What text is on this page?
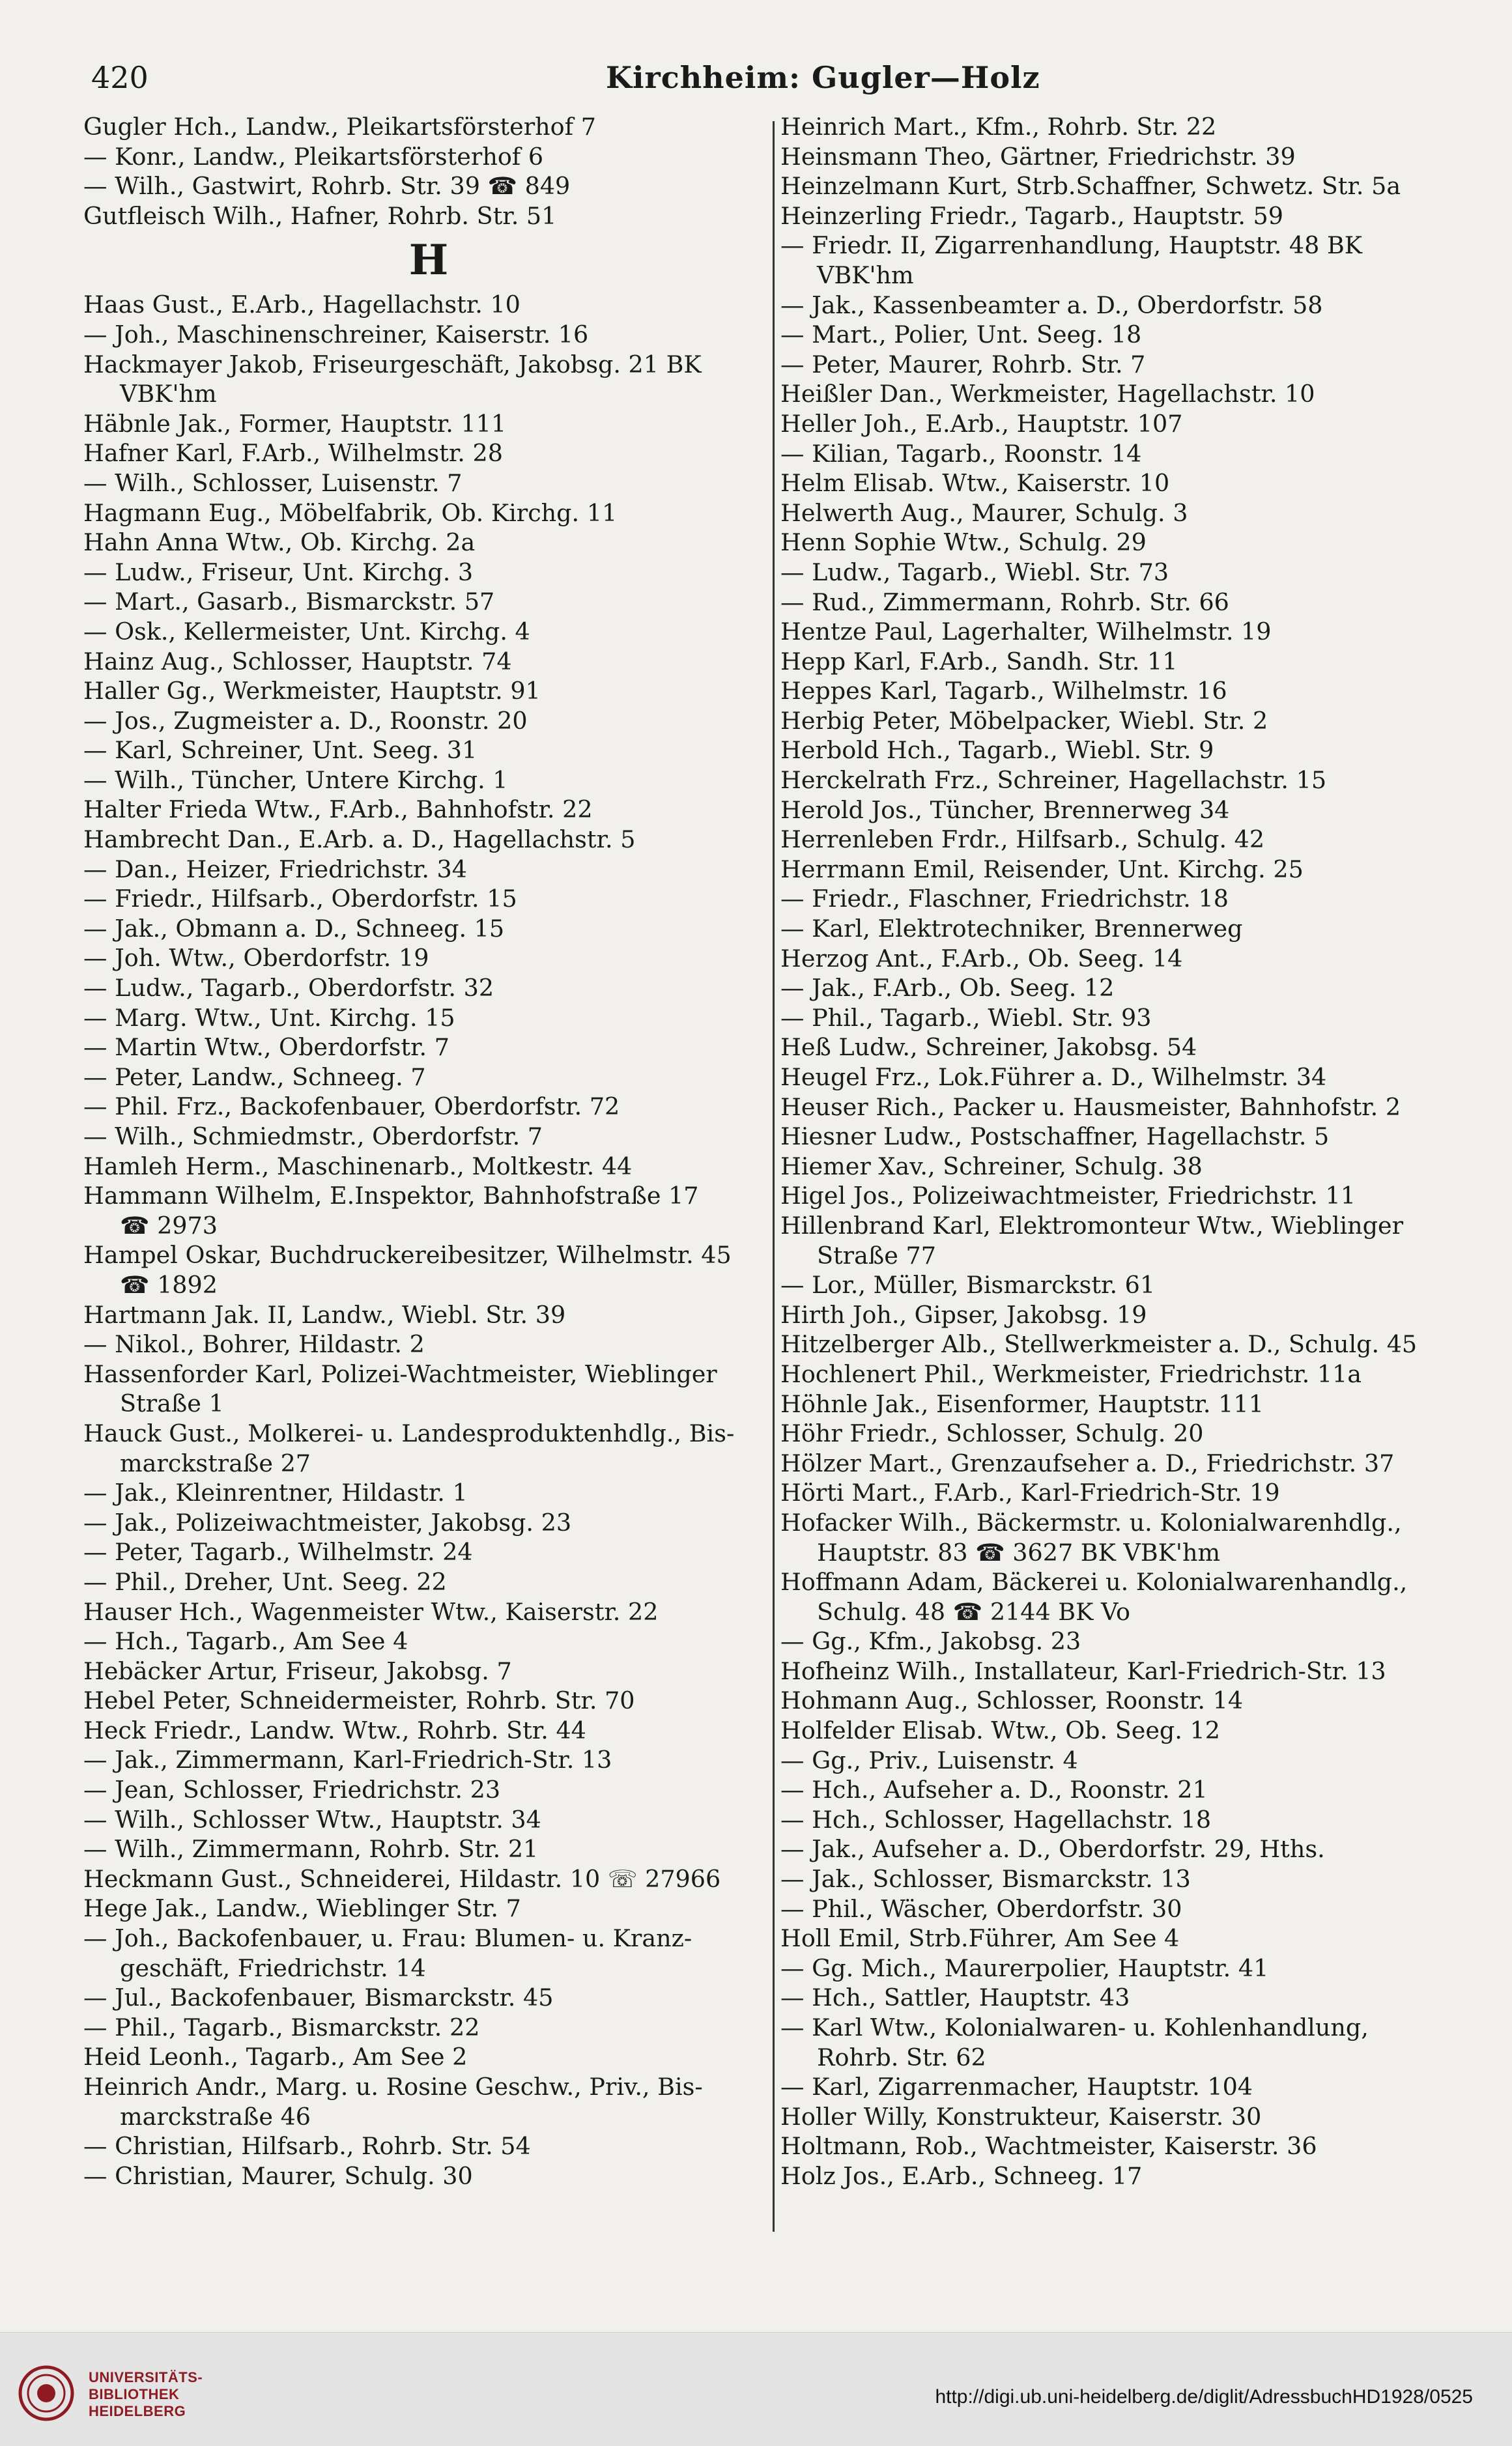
420	Kirchheim: Gugler—Holz
Gugler Hch., Landw., Pleikartsförsterhof 7
— Konr., Landw., Pleikartsförsterhof 6
— Wilh., Gastwirt, Rohrb. Str. 39 ☎ 849
Gutfleisch Wilh., Hafner, Rohrb. Str. 51
H
Haas Gust., E.Arb., Hagellachstr. 10
— Joh., Maschinenschreiner, Kaiserstr. 16
Hackmayer Jakob, Friseurgeschäft, Jakobsg. 21 BK
VBK'hm
Häbnle Jak., Former, Hauptstr. 111
Hafner Karl, F.Arb., Wilhelmstr. 28
— Wilh., Schlosser, Luisenstr. 7
Hagmann Eug., Möbelfabrik, Ob. Kirchg. 11
Hahn Anna Wtw., Ob. Kirchg. 2a
— Ludw., Friseur, Unt. Kirchg. 3
— Mart., Gasarb., Bismarckstr. 57
— Osk., Kellermeister, Unt. Kirchg. 4
Hainz Aug., Schlosser, Hauptstr. 74
Haller Gg., Werkmeister, Hauptstr. 91
— Jos., Zugmeister a. D., Roonstr. 20
— Karl, Schreiner, Unt. Seeg. 31
— Wilh., Tüncher, Untere Kirchg. 1
Halter Frieda Wtw., F.Arb., Bahnhofstr. 22
Hambrecht Dan., E.Arb. a. D., Hagellachstr. 5
— Dan., Heizer, Friedrichstr. 34
— Friedr., Hilfsarb., Oberdorfstr. 15
— Jak., Obmann a. D., Schneeg. 15
— Joh. Wtw., Oberdorfstr. 19
— Ludw., Tagarb., Oberdorfstr. 32
— Marg. Wtw., Unt. Kirchg. 15
— Martin Wtw., Oberdorfstr. 7
— Peter, Landw., Schneeg. 7
— Phil. Frz., Backofenbauer, Oberdorfstr. 72
— Wilh., Schmiedmstr., Oberdorfstr. 7
Hamleh Herm., Maschinenarb., Moltkestr. 44
Hammann Wilhelm, E.Inspektor, Bahnhofstraße 17
☎ 2973
Hampel Oskar, Buchdruckereibesitzer, Wilhelmstr. 45
☎ 1892
Hartmann Jak. II, Landw., Wiebl. Str. 39
— Nikol., Bohrer, Hildastr. 2
Hassenforder Karl, Polizei-Wachtmeister, Wieblinger
Straße 1
Hauck Gust., Molkerei- u. Landesproduktenhdlg., Bis-
marckstraße 27
— Jak., Kleinrentner, Hildastr. 1
— Jak., Polizeiwachtmeister, Jakobsg. 23
— Peter, Tagarb., Wilhelmstr. 24
— Phil., Dreher, Unt. Seeg. 22
Hauser Hch., Wagenmeister Wtw., Kaiserstr. 22
— Hch., Tagarb., Am See 4
Hebäcker Artur, Friseur, Jakobsg. 7
Hebel Peter, Schneidermeister, Rohrb. Str. 70
Heck Friedr., Landw. Wtw., Rohrb. Str. 44
— Jak., Zimmermann, Karl-Friedrich-Str. 13
— Jean, Schlosser, Friedrichstr. 23
— Wilh., Schlosser Wtw., Hauptstr. 34
— Wilh., Zimmermann, Rohrb. Str. 21
Heckmann Gust., Schneiderei, Hildastr. 10 ☏ 27966
Hege Jak., Landw., Wieblinger Str. 7
— Joh., Backofenbauer, u. Frau: Blumen- u. Kranz-
geschäft, Friedrichstr. 14
— Jul., Backofenbauer, Bismarckstr. 45
— Phil., Tagarb., Bismarckstr. 22
Heid Leonh., Tagarb., Am See 2
Heinrich Andr., Marg. u. Rosine Geschw., Priv., Bis-
marckstraße 46
— Christian, Hilfsarb., Rohrb. Str. 54
— Christian, Maurer, Schulg. 30
Heinrich Mart., Kfm., Rohrb. Str. 22
Heinsmann Theo, Gärtner, Friedrichstr. 39
Heinzelmann Kurt, Strb.Schaffner, Schwetz. Str. 5a
Heinzerling Friedr., Tagarb., Hauptstr. 59
— Friedr. II, Zigarrenhandlung, Hauptstr. 48 BK
VBK'hm
— Jak., Kassenbeamter a. D., Oberdorfstr. 58
— Mart., Polier, Unt. Seeg. 18
— Peter, Maurer, Rohrb. Str. 7
Heißler Dan., Werkmeister, Hagellachstr. 10
Heller Joh., E.Arb., Hauptstr. 107
— Kilian, Tagarb., Roonstr. 14
Helm Elisab. Wtw., Kaiserstr. 10
Helwerth Aug., Maurer, Schulg. 3
Henn Sophie Wtw., Schulg. 29
— Ludw., Tagarb., Wiebl. Str. 73
— Rud., Zimmermann, Rohrb. Str. 66
Hentze Paul, Lagerhalter, Wilhelmstr. 19
Hepp Karl, F.Arb., Sandh. Str. 11
Heppes Karl, Tagarb., Wilhelmstr. 16
Herbig Peter, Möbelpacker, Wiebl. Str. 2
Herbold Hch., Tagarb., Wiebl. Str. 9
Herckelrath Frz., Schreiner, Hagellachstr. 15
Herold Jos., Tüncher, Brennerweg 34
Herrenleben Frdr., Hilfsarb., Schulg. 42
Herrmann Emil, Reisender, Unt. Kirchg. 25
— Friedr., Flaschner, Friedrichstr. 18
— Karl, Elektrotechniker, Brennerweg
Herzog Ant., F.Arb., Ob. Seeg. 14
— Jak., F.Arb., Ob. Seeg. 12
— Phil., Tagarb., Wiebl. Str. 93
Heß Ludw., Schreiner, Jakobsg. 54
Heugel Frz., Lok.Führer a. D., Wilhelmstr. 34
Heuser Rich., Packer u. Hausmeister, Bahnhofstr. 2
Hiesner Ludw., Postschaffner, Hagellachstr. 5
Hiemer Xav., Schreiner, Schulg. 38
Higel Jos., Polizeiwachtmeister, Friedrichstr. 11
Hillenbrand Karl, Elektromonteur Wtw., Wieblinger
Straße 77
— Lor., Müller, Bismarckstr. 61
Hirth Joh., Gipser, Jakobsg. 19
Hitzelberger Alb., Stellwerkmeister a. D., Schulg. 45
Hochlenert Phil., Werkmeister, Friedrichstr. 11a
Höhnle Jak., Eisenformer, Hauptstr. 111
Höhr Friedr., Schlosser, Schulg. 20
Hölzer Mart., Grenzaufseher a. D., Friedrichstr. 37
Hörti Mart., F.Arb., Karl-Friedrich-Str. 19
Hofacker Wilh., Bäckermstr. u. Kolonialwarenhdlg.,
Hauptstr. 83 ☎ 3627 BK VBK'hm
Hoffmann Adam, Bäckerei u. Kolonialwarenhandlg.,
Schulg. 48 ☎ 2144 BK Vo
— Gg., Kfm., Jakobsg. 23
Hofheinz Wilh., Installateur, Karl-Friedrich-Str. 13
Hohmann Aug., Schlosser, Roonstr. 14
Holfelder Elisab. Wtw., Ob. Seeg. 12
— Gg., Priv., Luisenstr. 4
— Hch., Aufseher a. D., Roonstr. 21
— Hch., Schlosser, Hagellachstr. 18
— Jak., Aufseher a. D., Oberdorfstr. 29, Hths.
— Jak., Schlosser, Bismarckstr. 13
— Phil., Wäscher, Oberdorfstr. 30
Holl Emil, Strb.Führer, Am See 4
— Gg. Mich., Maurerpolier, Hauptstr. 41
— Hch., Sattler, Hauptstr. 43
— Karl Wtw., Kolonialwaren- u. Kohlenhandlung,
Rohrb. Str. 62
— Karl, Zigarrenmacher, Hauptstr. 104
Holler Willy, Konstrukteur, Kaiserstr. 30
Holtmann, Rob., Wachtmeister, Kaiserstr. 36
Holz Jos., E.Arb., Schneeg. 17
UNIVERSITÄTS-
BIBLIOTHEK
HEIDELBERG
http://digi.ub.uni-heidelberg.de/diglit/AdressbuchHD1928/0525
